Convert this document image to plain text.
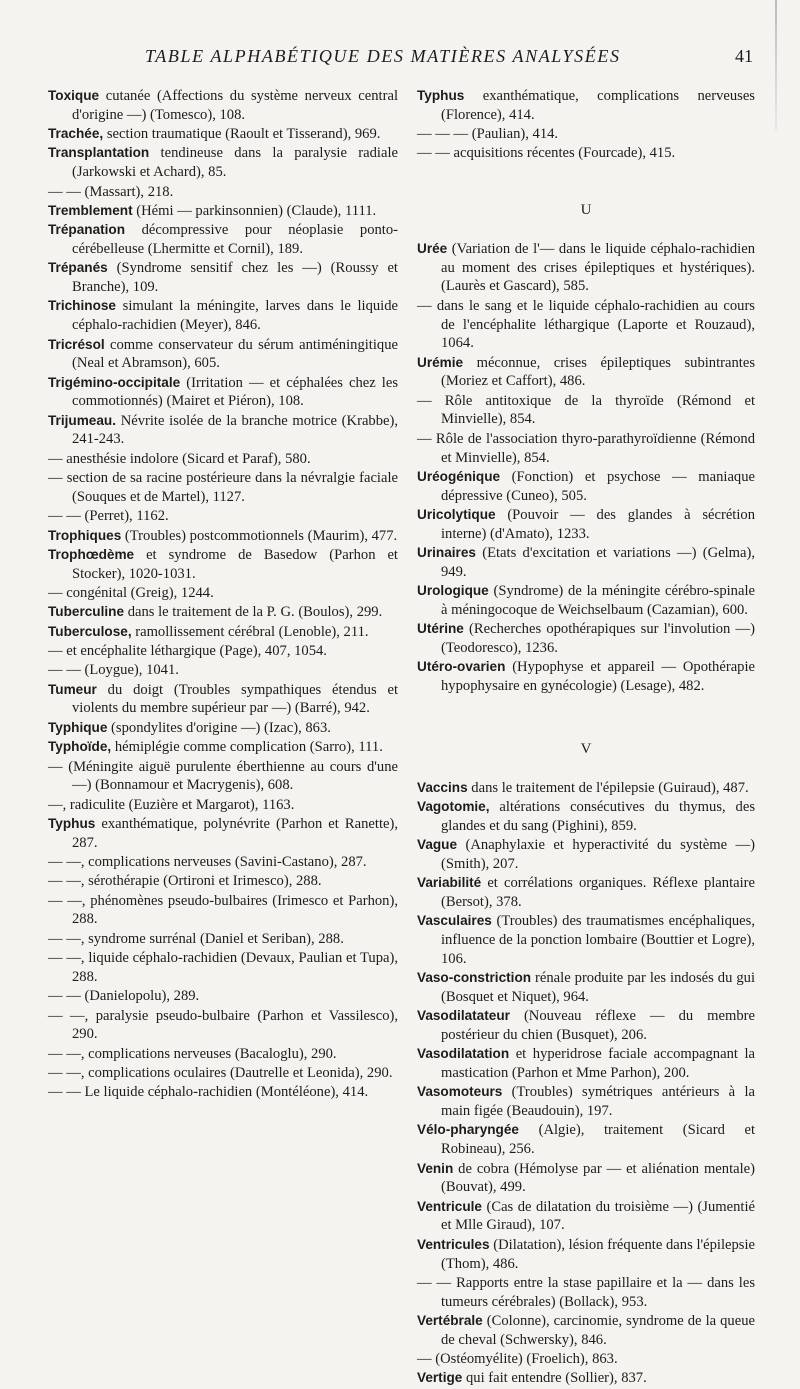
TABLE ALPHABÉTIQUE DES MATIÈRES ANALYSÉES	41
Toxique cutanée (Affections du système nerveux central d'origine —) (Tomesco), 108.
Trachée, section traumatique (Raoult et Tisserand), 969.
Transplantation tendineuse dans la paralysie radiale (Jarkowski et Achard), 85.
— — (Massart), 218.
Tremblement (Hémi — parkinsonnien) (Claude), 1111.
Trépanation décompressive pour néoplasie ponto-cérébelleuse (Lhermitte et Cornil), 189.
Trépanés (Syndrome sensitif chez les —) (Roussy et Branche), 109.
Trichinose simulant la méningite, larves dans le liquide céphalo-rachidien (Meyer), 846.
Tricrésol comme conservateur du sérum antiméningitique (Neal et Abramson), 605.
Trigémino-occipitale (Irritation — et céphalées chez les commotionnés) (Mairet et Piéron), 108.
Trijumeau. Névrite isolée de la branche motrice (Krabbe), 241-243.
— anesthésie indolore (Sicard et Paraf), 580.
— section de sa racine postérieure dans la névralgie faciale (Souques et de Martel), 1127.
— — (Perret), 1162.
Trophiques (Troubles) postcommotionnels (Maurim), 477.
Trophœdème et syndrome de Basedow (Parhon et Stocker), 1020-1031.
— congénital (Greig), 1244.
Tuberculine dans le traitement de la P. G. (Boulos), 299.
Tuberculose, ramollissement cérébral (Lenoble), 211.
— et encéphalite léthargique (Page), 407, 1054.
— — (Loygue), 1041.
Tumeur du doigt (Troubles sympathiques étendus et violents du membre supérieur par —) (Barré), 942.
Typhique (spondylites d'origine —) (Izac), 863.
Typhoïde, hémiplégie comme complication (Sarro), 111.
— (Méningite aiguë purulente éberthienne au cours d'une —) (Bonnamour et Macrygenis), 608.
—, radiculite (Euzière et Margarot), 1163.
Typhus exanthématique, polynévrite (Parhon et Ranette), 287.
— —, complications nerveuses (Savini-Castano), 287.
— —, sérothérapie (Ortironi et Irimesco), 288.
— —, phénomènes pseudo-bulbaires (Irimesco et Parhon), 288.
— —, syndrome surrénal (Daniel et Seriban), 288.
— —, liquide céphalo-rachidien (Devaux, Paulian et Tupa), 288.
— — (Danielopolu), 289.
— —, paralysie pseudo-bulbaire (Parhon et Vassilesco), 290.
— —, complications nerveuses (Bacaloglu), 290.
— —, complications oculaires (Dautrelle et Leonida), 290.
— — Le liquide céphalo-rachidien (Montéléone), 414.
Typhus exanthématique, complications nerveuses (Florence), 414.
— — — (Paulian), 414.
— — acquisitions récentes (Fourcade), 415.
U
Urée (Variation de l'— dans le liquide céphalo-rachidien au moment des crises épileptiques et hystériques). (Laurès et Gascard), 585.
— dans le sang et le liquide céphalo-rachidien au cours de l'encéphalite léthargique (Laporte et Rouzaud), 1064.
Urémie méconnue, crises épileptiques subintrantes (Moriez et Caffort), 486.
— Rôle antitoxique de la thyroïde (Rémond et Minvielle), 854.
— Rôle de l'association thyro-parathyroïdienne (Rémond et Minvielle), 854.
Uréogénique (Fonction) et psychose — maniaque dépressive (Cuneo), 505.
Uricolytique (Pouvoir — des glandes à sécrétion interne) (d'Amato), 1233.
Urinaires (Etats d'excitation et variations —) (Gelma), 949.
Urologique (Syndrome) de la méningite cérébro-spinale à méningocoque de Weichselbaum (Cazamian), 600.
Utérine (Recherches opothérapiques sur l'involution —) (Teodoresco), 1236.
Utéro-ovarien (Hypophyse et appareil — Opothérapie hypophysaire en gynécologie) (Lesage), 482.
V
Vaccins dans le traitement de l'épilepsie (Guiraud), 487.
Vagotomie, altérations consécutives du thymus, des glandes et du sang (Pighini), 859.
Vague (Anaphylaxie et hyperactivité du système —) (Smith), 207.
Variabilité et corrélations organiques. Réflexe plantaire (Bersot), 378.
Vasculaires (Troubles) des traumatismes encéphaliques, influence de la ponction lombaire (Bouttier et Logre), 106.
Vaso-constriction rénale produite par les indosés du gui (Bosquet et Niquet), 964.
Vasodilatateur (Nouveau réflexe — du membre postérieur du chien (Busquet), 206.
Vasodilatation et hyperidrose faciale accompagnant la mastication (Parhon et Mme Parhon), 200.
Vasomoteurs (Troubles) symétriques antérieurs à la main figée (Beaudouin), 197.
Vélo-pharyngée (Algie), traitement (Sicard et Robineau), 256.
Venin de cobra (Hémolyse par — et aliénation mentale) (Bouvat), 499.
Ventricule (Cas de dilatation du troisième —) (Jumentié et Mlle Giraud), 107.
Ventricules (Dilatation), lésion fréquente dans l'épilepsie (Thom), 486.
— — Rapports entre la stase papillaire et la — dans les tumeurs cérébrales) (Bollack), 953.
Vertébrale (Colonne), carcinomie, syndrome de la queue de cheval (Schwersky), 846.
— (Ostéomyélite) (Froelich), 863.
Vertige qui fait entendre (Sollier), 837.
